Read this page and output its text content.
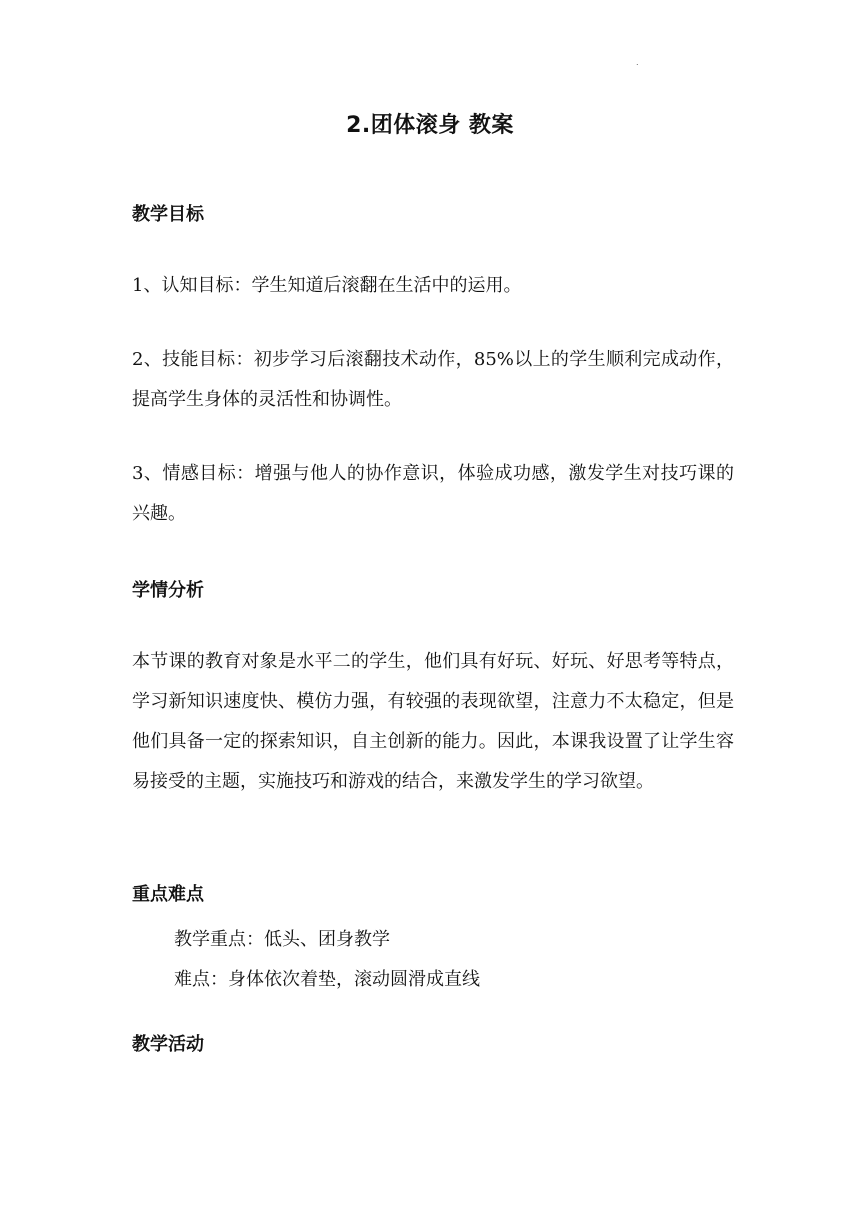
.
2.团体滚身 教案
教学目标

1、认知目标：学生知道后滚翻在生活中的运用。

2、技能目标：初步学习后滚翻技术动作，85%以上的学生顺利完成动作，提高学生身体的灵活性和协调性。

3、情感目标：增强与他人的协作意识，体验成功感，激发学生对技巧课的兴趣。

学情分析

本节课的教育对象是水平二的学生，他们具有好玩、好玩、好思考等特点，学习新知识速度快、模仿力强，有较强的表现欲望，注意力不太稳定，但是他们具备一定的探索知识，自主创新的能力。因此，本课我设置了让学生容易接受的主题，实施技巧和游戏的结合，来激发学生的学习欲望。

重点难点
教学重点：低头、团身教学
难点：身体依次着垫，滚动圆滑成直线
教学活动
